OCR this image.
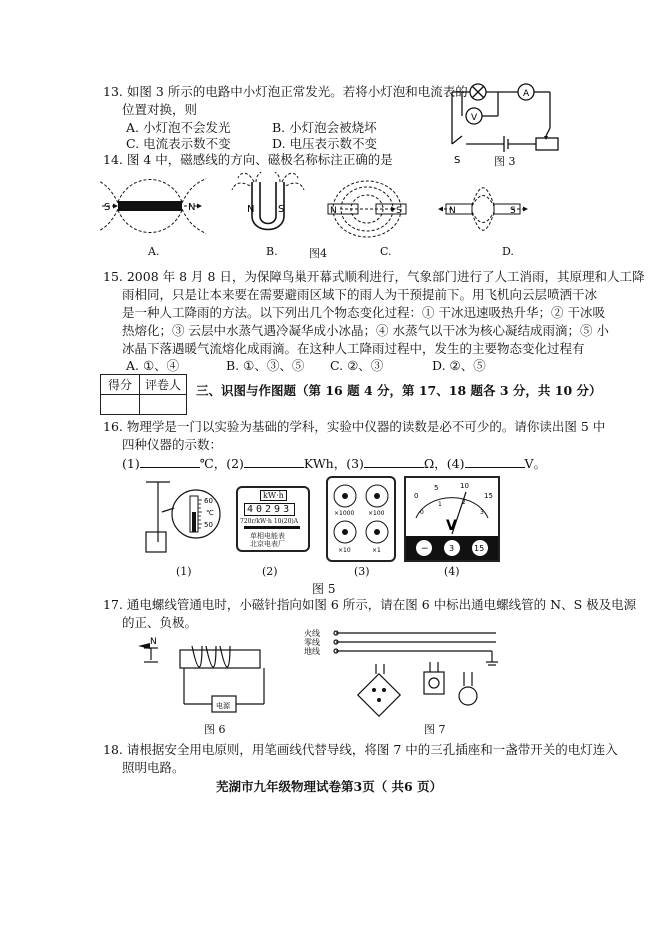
13. 如图 3 所示的电路中小灯泡正常发光。若将小灯泡和电流表的
位置对换，则
A. 小灯泡不会发光	B. 小灯泡会被烧坏
C. 电流表示数不变	D. 电压表示数不变
A
V
S	图 3
14. 图 4 中，磁感线的方向、磁极名称标注正确的是
S	N	N S	N	S	N	S
A.	B.	图4	C.	D.
15. 2008 年 8 月 8 日，为保障鸟巢开幕式顺利进行，气象部门进行了人工消雨，其原理和人工降
雨相同，只是让本来要在需要避雨区域下的雨人为干预提前下。用飞机向云层喷洒干冰
是一种人工降雨的方法。以下列出几个物态变化过程：① 干冰迅速吸热升华；② 干冰吸
热熔化；③ 云层中水蒸气遇冷凝华成小冰晶；④ 水蒸气以干冰为核心凝结成雨滴；⑤ 小
冰晶下落遇暖气流熔化成雨滴。在这种人工降雨过程中，发生的主要物态变化过程有
A. ①、④	B. ①、③、⑤ C. ②、③	D. ②、⑤
得分	评卷人
	三、识图与作图题（第 16 题 4 分，第 17、18 题各 3 分，共 10 分）
16. 物理学是一门以实验为基础的学科，实验中仪器的读数是必不可少的。请你读出图 5 中
四种仪器的示数：
(1)	℃，(2)	KWh，(3)	Ω，(4)	V。
60
50
℃
kW·h
40293
720r/kW·h 10(20)A
单相电能表
北京电表厂
×1000 ×100
×10	×1
0
5	10
15
0
1	2
3
V
−	3 15
(1)	(2)	(3)	(4)
图 5
17. 通电螺线管通电时，小磁针指向如图 6 所示，请在图 6 中标出通电螺线管的 N、S 极及电源
的正、负极。
N
电源
图 6
火线
零线
地线
图 7
18. 请根据安全用电原则，用笔画线代替导线，将图 7 中的三孔插座和一盏带开关的电灯连入
照明电路。
芜湖市九年级物理试卷第3页（ 共6 页）
